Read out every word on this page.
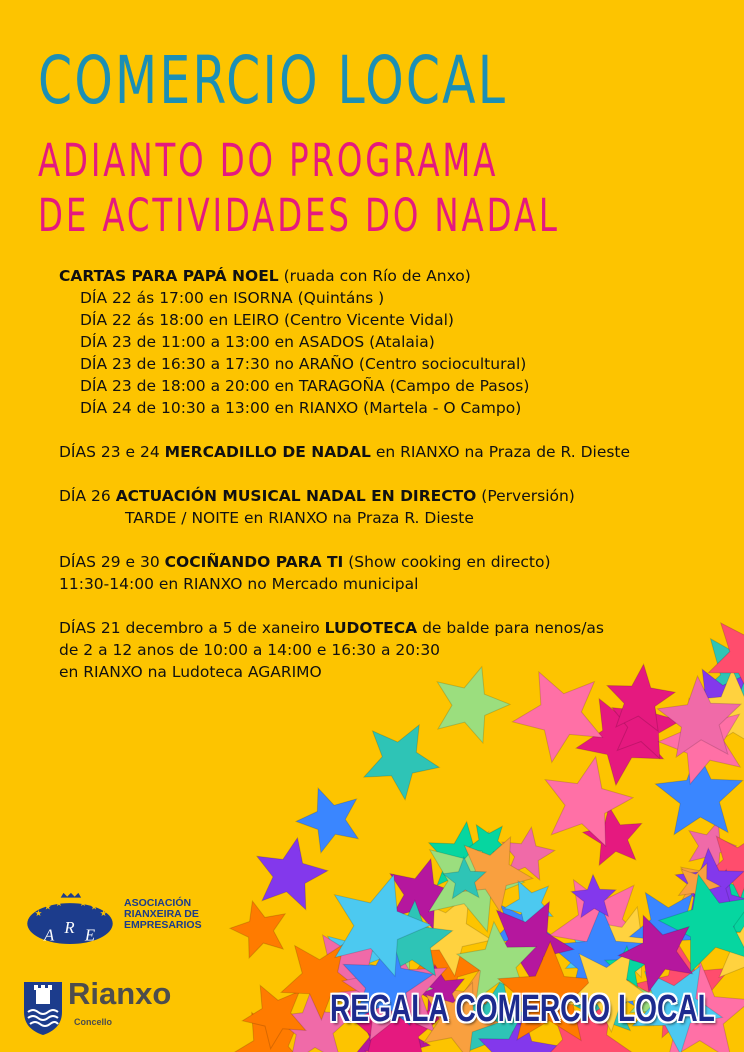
COMERCIO LOCAL
ADIANTO DO PROGRAMA
DE ACTIVIDADES DO NADAL

CARTAS PARA PAPÁ NOEL (ruada con Río de Anxo)

DÍA 22 ás 17:00 en ISORNA (Quintáns )

DÍA 22 ás 18:00 en LEIRO (Centro Vicente Vidal)

DÍA 23 de 11:00 a 13:00 en ASADOS (Atalaia)

DÍA 23 de 16:30 a 17:30 no ARAÑO (Centro sociocultural)

DÍA 23 de 18:00 a 20:00 en TARAGOÑA (Campo de Pasos)

DÍA 24 de 10:30 a 13:00 en RIANXO (Martela - O Campo)

DÍAS 23 e 24 MERCADILLO DE NADAL en RIANXO na Praza de R. Dieste

DÍA 26 ACTUACIÓN MUSICAL NADAL EN DIRECTO (Perversión)

TARDE / NOITE en RIANXO na Praza R. Dieste

DÍAS 29 e 30 COCIÑANDO PARA TI (Show cooking en directo)

11:30-14:00 en RIANXO no Mercado municipal

DÍAS 21 decembro a 5 de xaneiro LUDOTECA de balde para nenos/as

de 2 a 12 anos de 10:00 a 14:00 e 16:30 a 20:30

en RIANXO na Ludoteca AGARIMO

★
★ ★ ★ ★
★
A R E
ASOCIACIÓN
RIANXEIRA DE
EMPRESARIOS
Rianxo
Concello	REGALA COMERCIO LOCAL
